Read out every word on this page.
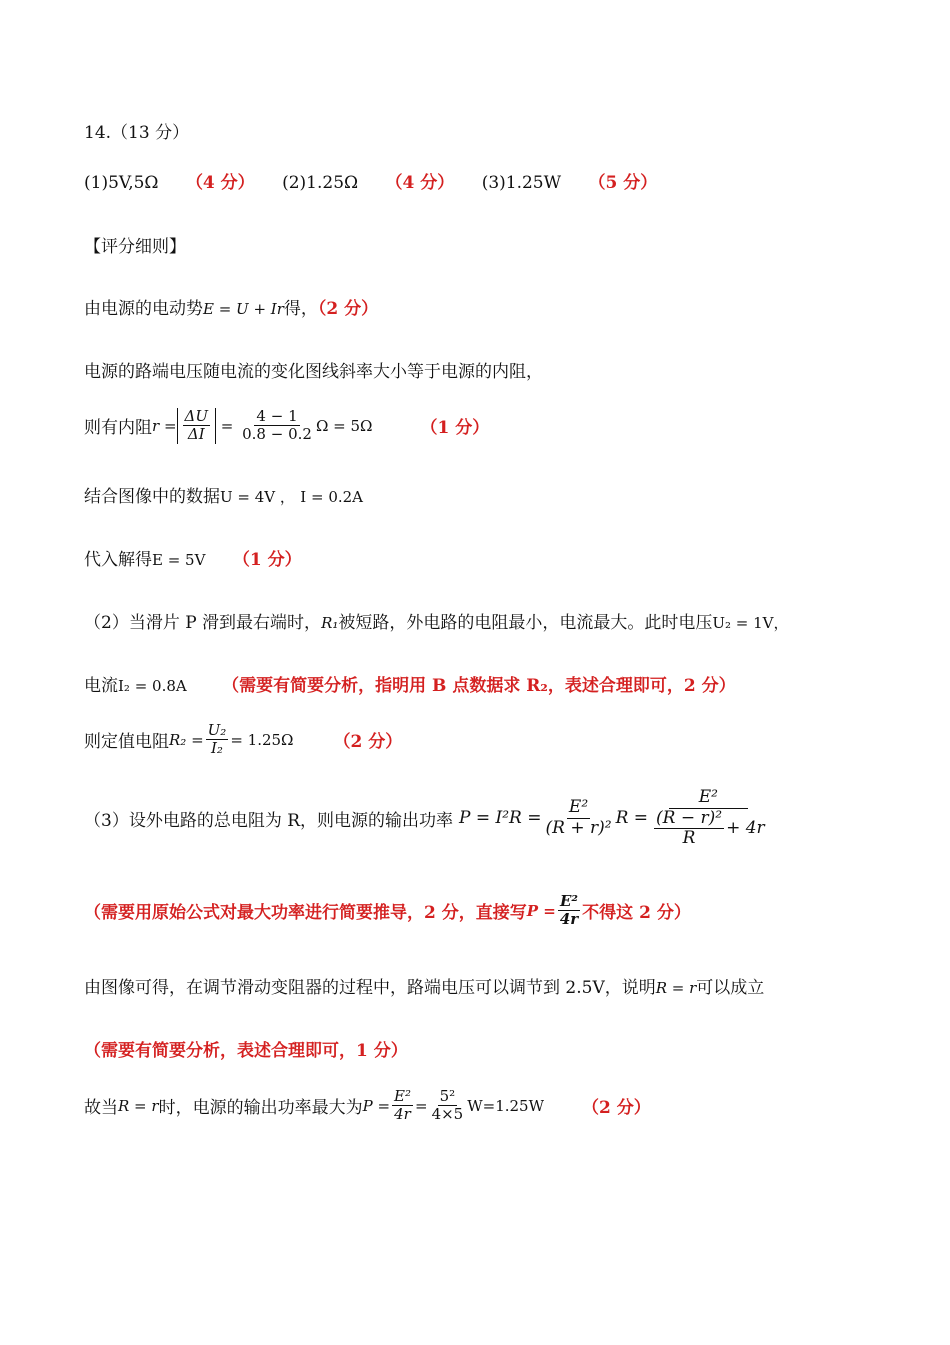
14.（13 分）
(1)5V,5Ω （4 分） (2)1.25Ω （4 分） (3)1.25W （5 分）
【评分细则】
由电源的电动势E = U + Ir得，（2 分）
电源的路端电压随电流的变化图线斜率大小等于电源的内阻，
则有内阻 $r = \frac{\Delta U}{\Delta I} = \frac{4 - 1}{0.8 - 0.2}$ Ω = 5Ω	（1 分）
结合图像中的数据U = 4V ， I = 0.2A
代入解得E = 5V （1 分）
（2）当滑片 P 滑到最右端时，R₁被短路，外电路的电阻最小，电流最大。此时电压U₂ = 1V，
电流I₂ = 0.8A （需要有简要分析，指明用 B 点数据求 R₂，表述合理即可，2 分）
则定值电阻 $R_2 = \frac{\text{U₂}}{\text{I₂}} = 1.25\Omega$ （2 分）
（3）设外电路的总电阻为 R，则电源的输出功率 $P = I^2R = \frac{\text{E²}}{\text{(R + r)²}}$ $R = \frac{\text{E²}}{\frac{\text{(R − r)²}}{R} + 4r}$
（需要用原始公式对最大功率进行简要推导，2 分，直接写 $P = \frac{\text{E²}}{4r}$ 不得这 2 分）
由图像可得，在调节滑动变阻器的过程中，路端电压可以调节到 2.5V，说明R = r可以成立
（需要有简要分析，表述合理即可，1 分）
故当 R = r 时，电源的输出功率最大为 $P = \frac{\text{E²}}{4r} = \frac{\text{5²}}{4\times 5} W=1.25W$ （2 分）
